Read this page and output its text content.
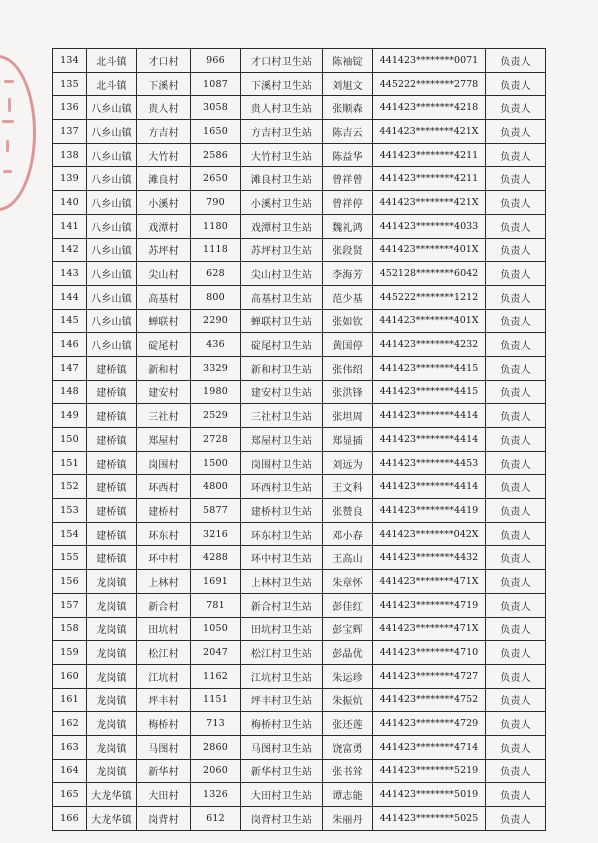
134	北斗镇	才口村	966	才口村卫生站	陈袖锭	441423********0071	负责人
135	北斗镇	下溪村	1087	下溪村卫生站	刘旭文	445222********2778	负责人
136	八乡山镇	贵人村	3058	贵人村卫生站	张顺森	441423********4218	负责人
137	八乡山镇	方吉村	1650	方吉村卫生站	陈吉云	441423********421X	负责人
138	八乡山镇	大竹村	2586	大竹村卫生站	陈益华	441423********4211	负责人
139	八乡山镇	滩良村	2650	滩良村卫生站	曾祥曾	441423********4211	负责人
140	八乡山镇	小溪村	790	小溪村卫生站	曾祥停	441423********421X	负责人
141	八乡山镇	戏潭村	1180	戏潭村卫生站	魏礼鸿	441423********4033	负责人
142	八乡山镇	苏坪村	1118	苏坪村卫生站	张段贤	441423********401X	负责人
143	八乡山镇	尖山村	628	尖山村卫生站	李海芳	452128********6042	负责人
144	八乡山镇	高基村	800	高基村卫生站	范少基	445222********1212	负责人
145	八乡山镇	蝉联村	2290	蝉联村卫生站	张如钦	441423********401X	负责人
146	八乡山镇	碇尾村	436	碇尾村卫生站	黄国停	441423********4232	负责人
147	建桥镇	新和村	3329	新和村卫生站	张伟绍	441423********4415	负责人
148	建桥镇	建安村	1980	建安村卫生站	张洪锋	441423********4415	负责人
149	建桥镇	三社村	2529	三社村卫生站	张坦周	441423********4414	负责人
150	建桥镇	郑屋村	2728	郑屋村卫生站	郑显插	441423********4414	负责人
151	建桥镇	岗围村	1500	岗围村卫生站	刘远为	441423********4453	负责人
152	建桥镇	环西村	4800	环西村卫生站	王文科	441423********4414	负责人
153	建桥镇	建桥村	5877	建桥村卫生站	张赞良	441423********4419	负责人
154	建桥镇	环东村	3216	环东村卫生站	邓小春	441423********042X	负责人
155	建桥镇	环中村	4288	环中村卫生站	王高山	441423********4432	负责人
156	龙岗镇	上林村	1691	上林村卫生站	朱章怀	441423********471X	负责人
157	龙岗镇	新合村	781	新合村卫生站	彭佳红	441423********4719	负责人
158	龙岗镇	田坑村	1050	田坑村卫生站	彭宝辉	441423********471X	负责人
159	龙岗镇	松江村	2047	松江村卫生站	彭晶优	441423********4710	负责人
160	龙岗镇	江坑村	1162	江坑村卫生站	朱运珍	441423********4727	负责人
161	龙岗镇	坪丰村	1151	坪丰村卫生站	朱振炕	441423********4752	负责人
162	龙岗镇	梅桥村	713	梅桥村卫生站	张还莲	441423********4729	负责人
163	龙岗镇	马图村	2860	马图村卫生站	饶富勇	441423********4714	负责人
164	龙岗镇	新华村	2060	新华村卫生站	张书耸	441423********5219	负责人
165	大龙华镇	大田村	1326	大田村卫生站	谭志能	441423********5019	负责人
166	大龙华镇	岗背村	612	岗背村卫生站	朱丽丹	441423********5025	负责人
